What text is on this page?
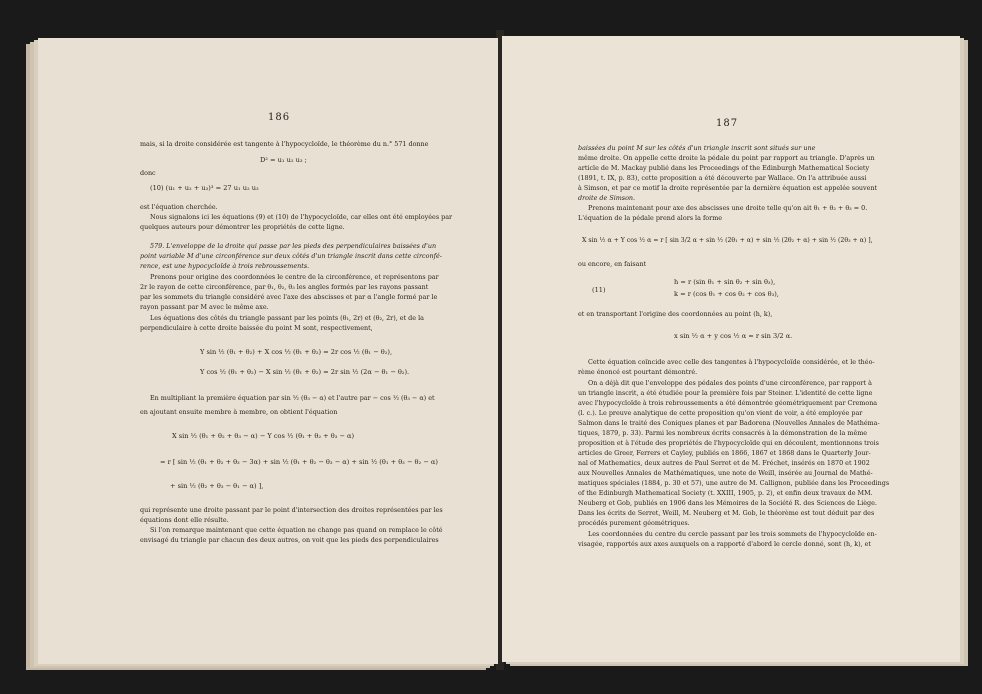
186
mais, si la droite considérée est tangente à l'hypocycloïde, le théorème du n.° 571 donne
D² = u₁ u₂ u₃ ;
donc
(10) (u₁ + u₂ + u₃)³ = 27 u₁ u₂ u₃
est l'équation cherchée.
Nous signalons ici les équations (9) et (10) de l'hypocycloïde, car elles ont été employées par
quelques auteurs pour démontrer les propriétés de cette ligne.
579. L'enveloppe de la droite qui passe par les pieds des perpendiculaires baissées d'un
point variable M d'une circonférence sur deux côtés d'un triangle inscrit dans cette circonfé-
rence, est une hypocycloïde à trois rebroussements.
Prenons pour origine des coordonnées le centre de la circonférence, et représentons par
2r le rayon de cette circonférence, par θ₁, θ₂, θ₃ les angles formés par les rayons passant
par les sommets du triangle considéré avec l'axe des abscisses et par α l'angle formé par le
rayon passant par M avec le même axe.
Les équations des côtés du triangle passant par les points (θ₁, 2r) et (θ₂, 2r), et de la
perpendiculaire à cette droite baissée du point M sont, respectivement,
Y sin ½ (θ₁ + θ₂) + X cos ½ (θ₁ + θ₂) = 2r cos ½ (θ₁ − θ₂),
Y cos ½ (θ₁ + θ₂) − X sin ½ (θ₁ + θ₂) = 2r sin ½ (2α − θ₁ − θ₂).
En multipliant la première équation par sin ½ (θ₃ − α) et l'autre par − cos ½ (θ₃ − α) et
en ajoutant ensuite membre à membre, on obtient l'équation
X sin ½ (θ₁ + θ₂ + θ₃ − α) − Y cos ½ (θ₁ + θ₂ + θ₃ − α)
= r [ sin ½ (θ₁ + θ₂ + θ₃ − 3α) + sin ½ (θ₁ + θ₂ − θ₃ − α) + sin ½ (θ₁ + θ₃ − θ₂ − α)
+ sin ½ (θ₂ + θ₃ − θ₁ − α) ],
qui représente une droite passant par le point d'intersection des droites représentées par les
équations dont elle résulte.
Si l'on remarque maintenant que cette équation ne change pas quand on remplace le côté
envisagé du triangle par chacun des deux autres, on voit que les pieds des perpendiculaires
187
baissées du point M sur les côtés d'un triangle inscrit sont situés sur une
même droite. On appelle cette droite la pédale du point par rapport au triangle. D'après un
article de M. Mackay publié dans les Proceedings of the Edinburgh Mathematical Society
(1891, t. IX, p. 83), cette proposition a été découverte par Wallace. On l'a attribuée aussi
à Simson, et par ce motif la droite représentée par la dernière équation est appelée souvent
droite de Simson.
Prenons maintenant pour axe des abscisses une droite telle qu'on ait θ₁ + θ₂ + θ₃ = 0.
L'équation de la pédale prend alors la forme
X sin ½ α + Y cos ½ α = r [ sin 3/2 α + sin ½ (2θ₁ + α) + sin ½ (2θ₂ + α) + sin ½ (2θ₃ + α) ],
ou encore, en faisant
(11)
h = r (sin θ₁ + sin θ₂ + sin θ₃),
k = r (cos θ₁ + cos θ₂ + cos θ₃),
et en transportant l'origine des coordonnées au point (h, k),
x sin ½ α + y cos ½ α = r sin 3/2 α.
Cette équation coïncide avec celle des tangentes à l'hypocycloïde considérée, et le théo-
rème énoncé est pourtant démontré.
On a déjà dit que l'enveloppe des pédales des points d'une circonférence, par rapport à
un triangle inscrit, a été étudiée pour la première fois par Steiner. L'identité de cette ligne
avec l'hypocycloïde à trois rebroussements a été démontrée géométriquement par Cremona
(l. c.). Le preuve analytique de cette proposition qu'on vient de voir, a été employée par
Salmon dans le traité des Coniques planes et par Badorena (Nouvelles Annales de Mathéma-
tiques, 1879, p. 33). Parmi les nombreux écrits consacrés à la démonstration de la même
proposition et à l'étude des propriétés de l'hypocycloïde qui en découlent, mentionnons trois
articles de Greer, Ferrers et Cayley, publiés en 1866, 1867 et 1868 dans le Quarterly Jour-
nal of Mathematics, deux autres de Paul Serret et de M. Fréchet, insérés en 1870 et 1902
aux Nouvelles Annales de Mathématiques, une note de Weill, insérée au Journal de Mathé-
matiques spéciales (1884, p. 30 et 57), une autre de M. Callignon, publiée dans les Proceedings
of the Edinburgh Mathematical Society (t. XXIII, 1905, p. 2), et enfin deux travaux de MM.
Neuberg et Gob, publiés en 1906 dans les Mémoires de la Société R. des Sciences de Liège.
Dans les écrits de Serret, Weill, M. Neuberg et M. Gob, le théorème est tout déduit par des
procédés purement géométriques.
Les coordonnées du centre du cercle passant par les trois sommets de l'hypocycloïde en-
visagée, rapportés aux axes auxquels on a rapporté d'abord le cercle donné, sont (h, k), et
